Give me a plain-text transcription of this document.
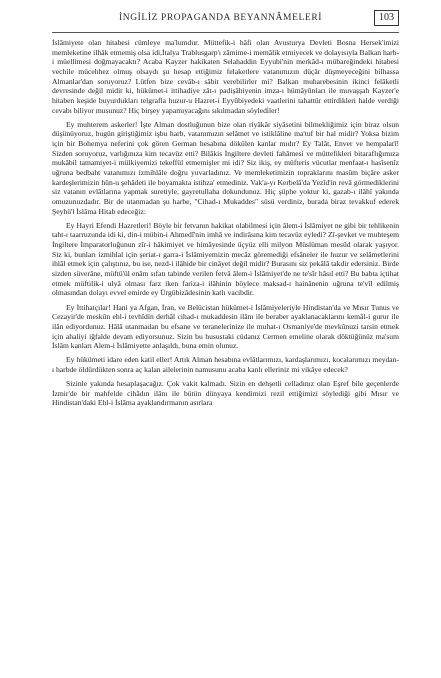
İNGİLİZ PROPAGANDA BEYANNÂMELERİ	103

İslâmiyete olan hitabesi cümleye ma'lumdur. Müttefik-i hâfi olan Avusturya Devleti Bosna Hersek'imizi memleketine ilhâk etmemiş olsa idi,İtalya Trablusgarp'ı zâmime-i memâlik etmiyecek ve dolayısıyla Balkan harb-i müellimesi doğmayacaktı? Acaba Kayzer hakikaten Selahaddin Eyyubi'nin merkâd-ı mübareğindeki hitabesi vechile mücehhez olmuş olsaydı şu hesap ettiğimiz felaketlere vatanımızın düçâr düşmeyeceğini bilhassa Almanlar'dan soruyoruz? Lütfen bize cevâb-ı sâbit verebilirler mi? Balkan muharebesinin ikinci felâketli devresinde değil midir ki, hükümet-i ittihadiye zât-ı padişâhiyenin imza-ı hümâyûnları ile muvaşşah Kayzer'e hitaben keşide buyurdukları telgrafla huzur-u Hazret-i Eyyûbiyedeki vaatlerini tahattür ettirdikleri halde verdiği cevabı biliyor musunuz? Hiç birşey yapamıyacağını sıkılmadan söyledi̇ler!

Ey muhterem askerler! İşte Alman dostluğunun bize olan riyâkâr siyâsetini bilmekliğimiz için biraz olsun düşünüyoruz, bugün giriştiğimiz işbu harb, vatanımızın selâmet ve istiklâline ma'tuf bir hal midir? Yoksa bizim için bir Bohemya neferini çok gören German hesabına dökülen kanlar mıdır? Ey Talât, Enver ve hempalarî! Sizden soruyoruz, varlığınıza kim tecavüz etti? Bilâkis İngiltere devleti fahâmesi ve müttefikleri bitaraflığımıza mukâbil tamamiyet-i mülkiyemizi tekeffül etmemişler mi idi? Siz ikiş, ey müfteris vücutlar menfaat-ı hasîsenîz uğruna bedbaht vatanımızı izmihlâle doğru yuvarladınız. Ve memleketimizin topraklarını masûm biçâre asker kardeşlerimizin hûn-u şehâdeti ile boyamakta istihza' etmediniz. Vak'a-yı Kerbelâ'da Yezîd'in revâ görmediklerini siz vatanın evlâtlarına yapmak suretiyle, gayretullaha dokundunuz. Hiç şüphe yoktur ki, gazab-ı ilâhî yakında omuzunuzdadır. Bir de utanmadan şu harbe, "Cihad-ı Mukaddes" süsü verdiniz, burada biraz tevakkuf ederek Şeyhü'l İslâma Hitab edeceğiz:

Ey Hayri Efendi Hazretleri! Böyle bir fetvanın hakikat olabilmesi için âlem-i İslâmiyet ne gibi bir tehlikenin taht-ı taarruzunda idi ki, din-i mübin-i Ahmedî'nin imhâ ve indirâsına kim tecavüz eyledi? Zî-şevket ve muhteşem İngiltere İmparatorluğunun zîr-i hâkimiyet ve himâyesinde üçyüz elli milyon Müslüman mesûd olarak yaşıyor. Siz ki, bunları izmihlal için şeriat-ı garra-i İslâmiyemizin mecâz göremediği efsâneler ile huzur ve selâmetlerini ihlâl etmek için çalıştınız, bu ise, nezd-i ilâhide bir cinâyet değil midir? Burasını siz pekâlâ takdir edersiniz. Birde sizden süverâne, müftü'ül enâm sıfatı tabinde verilen fetvâ âlem-i İslâmiyet'de ne te'sîr hâsıl etti? Bu babta içtihat etmek müftilik-i ulyâ olması farz iken fariza-i ilâhinin böylece maksad-ı hainânenin uğruna te'vîl edilmiş olmasından dolayı evvel emirde ey Ürgübizâdesinin katlı vacibdir.

Ey İttihatçılar! Hani ya Afgan, İran, ve Belücistan hükümet-i İslâmiyeleriyle Hindistan'da ve Mısır Tunus ve Cezayir'de meskûn ehl-i tevhîdin derhâl cihad-ı mukaddesin ilânı ile beraber ayaklanacaklarını kemâl-i gurur ile ilân ediyordunuz. Hâlâ utanmadan bu efsane ve teranelerinize ile muhat-ı Osmaniye'de mevkûnuzi tarsin etmek için ahaliyi iğfalde devam ediyorsunuz. Sizin bu husustaki cüdanız Cermen emeline olarak döktüğünüz ma'sum İslâm kanları Alem-i İslâmiyette anlaşıldı, buna emin olunuz.

Ey hükümeti idare eden katil eller! Artık Alman hesabına evlâtlarımızı, kardaşlarımızı, kocalarımızı meydan-ı harbde öldürdükten sonra aç kalan ailelerinin namusunu acaba kanlı elleriniz mi vikâye edecek?

Sizinle yakında hesaplaşacağız. Çok vakit kalmadı. Sizin en dehşetli celladınız olan Eşref bile geçenlerde İzmir'de bir mahfelde cihâdın ilânı ile bütün dünyaya kendimizi rezil ettiğimizi söylediği gibi Mısır ve Hindistan'daki Ehl-i İslâma ayaklandırmanın asırlara
